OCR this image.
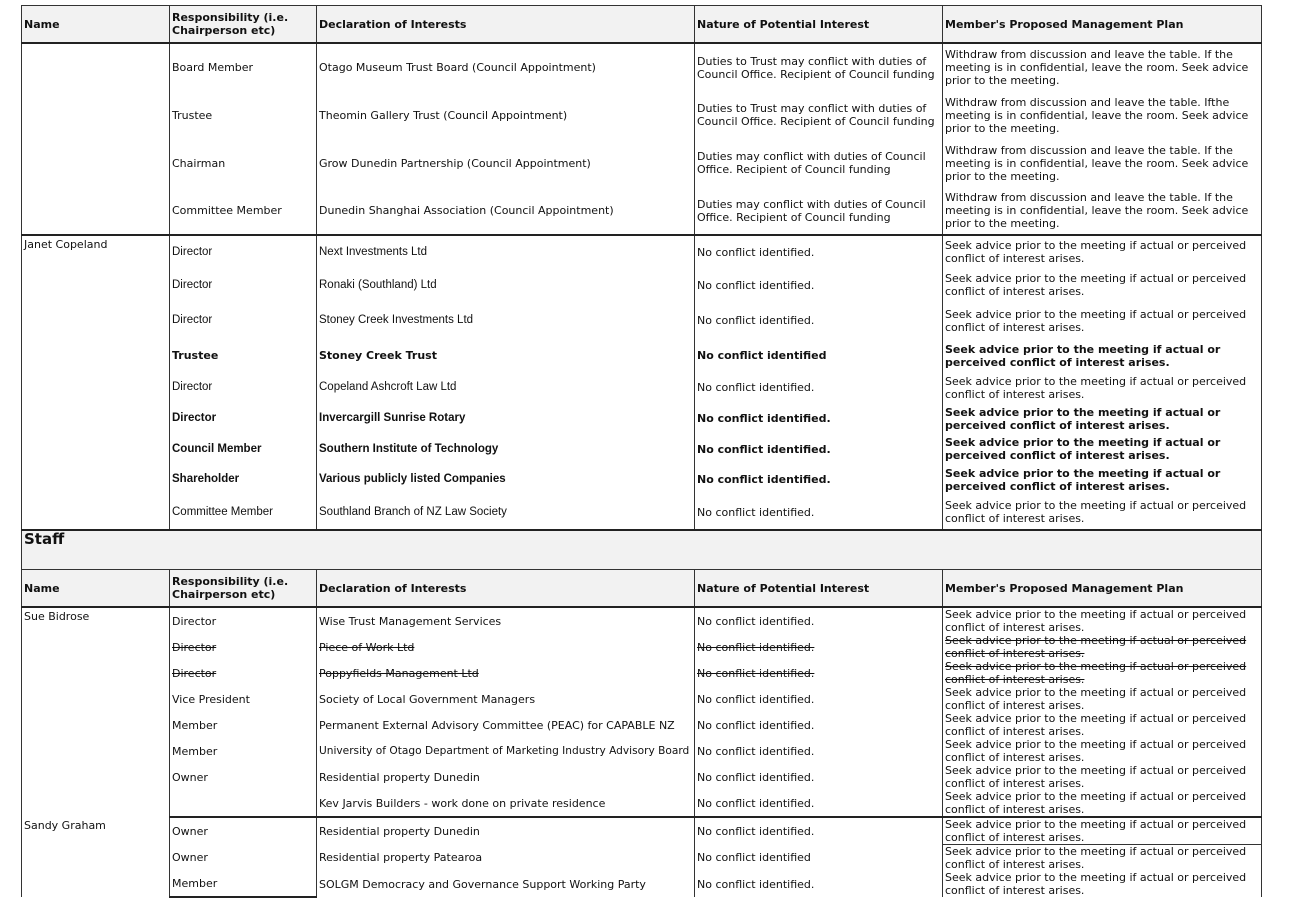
Name	Responsibility (i.e. Chairperson etc)	Declaration of Interests	Nature of Potential Interest	Member's Proposed Management Plan
	Board Member	Otago Museum Trust Board (Council Appointment)	Duties to Trust may conflict with duties of Council Office. Recipient of Council funding	Withdraw from discussion and leave the table. If the meeting is in confidential, leave the room. Seek advice prior to the meeting.
	Trustee	Theomin Gallery Trust (Council Appointment)	Duties to Trust may conflict with duties of Council Office. Recipient of Council funding	Withdraw from discussion and leave the table. Ifthe meeting is in confidential, leave the room. Seek advice prior to the meeting.
	Chairman	Grow Dunedin Partnership (Council Appointment)	Duties may conflict with duties of Council Office. Recipient of Council funding	Withdraw from discussion and leave the table. If the meeting is in confidential, leave the room. Seek advice prior to the meeting.
	Committee Member	Dunedin Shanghai Association (Council Appointment)	Duties may conflict with duties of Council Office. Recipient of Council funding	Withdraw from discussion and leave the table. If the meeting is in confidential, leave the room. Seek advice prior to the meeting.
Janet Copeland	Director	Next Investments Ltd	No conflict identified.	Seek advice prior to the meeting if actual or perceived conflict of interest arises.
	Director	Ronaki (Southland) Ltd	No conflict identified.	Seek advice prior to the meeting if actual or perceived conflict of interest arises.
	Director	Stoney Creek Investments Ltd	No conflict identified.	Seek advice prior to the meeting if actual or perceived conflict of interest arises.
	Trustee	Stoney Creek Trust	No conflict identified	Seek advice prior to the meeting if actual or perceived conflict of interest arises.
	Director	Copeland Ashcroft Law Ltd	No conflict identified.	Seek advice prior to the meeting if actual or perceived conflict of interest arises.
	Director	Invercargill Sunrise Rotary	No conflict identified.	Seek advice prior to the meeting if actual or perceived conflict of interest arises.
	Council Member	Southern Institute of Technology	No conflict identified.	Seek advice prior to the meeting if actual or perceived conflict of interest arises.
	Shareholder	Various publicly listed Companies	No conflict identified.	Seek advice prior to the meeting if actual or perceived conflict of interest arises.
	Committee Member	Southland Branch of NZ Law Society	No conflict identified.	Seek advice prior to the meeting if actual or perceived conflict of interest arises.
Staff				
Name	Responsibility (i.e. Chairperson etc)	Declaration of Interests	Nature of Potential Interest	Member's Proposed Management Plan
Sue Bidrose	Director	Wise Trust Management Services	No conflict identified.	Seek advice prior to the meeting if actual or perceived conflict of interest arises.
	Director	Piece of Work Ltd	No conflict identified.	Seek advice prior to the meeting if actual or perceived conflict of interest arises.
	Director	Poppyfields Management Ltd	No conflict identified.	Seek advice prior to the meeting if actual or perceived conflict of interest arises.
	Vice President	Society of Local Government Managers	No conflict identified.	Seek advice prior to the meeting if actual or perceived conflict of interest arises.
	Member	Permanent External Advisory Committee (PEAC) for CAPABLE NZ	No conflict identified.	Seek advice prior to the meeting if actual or perceived conflict of interest arises.
	Member	University of Otago Department of Marketing Industry Advisory Board	No conflict identified.	Seek advice prior to the meeting if actual or perceived conflict of interest arises.
	Owner	Residential property Dunedin	No conflict identified.	Seek advice prior to the meeting if actual or perceived conflict of interest arises.
		Kev Jarvis Builders - work done on private residence	No conflict identified.	Seek advice prior to the meeting if actual or perceived conflict of interest arises.
Sandy Graham	Owner	Residential property Dunedin	No conflict identified.	Seek advice prior to the meeting if actual or perceived conflict of interest arises.
	Owner	Residential property Patearoa	No conflict identified	Seek advice prior to the meeting if actual or perceived conflict of interest arises.
	Member	SOLGM Democracy and Governance Support Working Party	No conflict identified.	Seek advice prior to the meeting if actual or perceived conflict of interest arises.
